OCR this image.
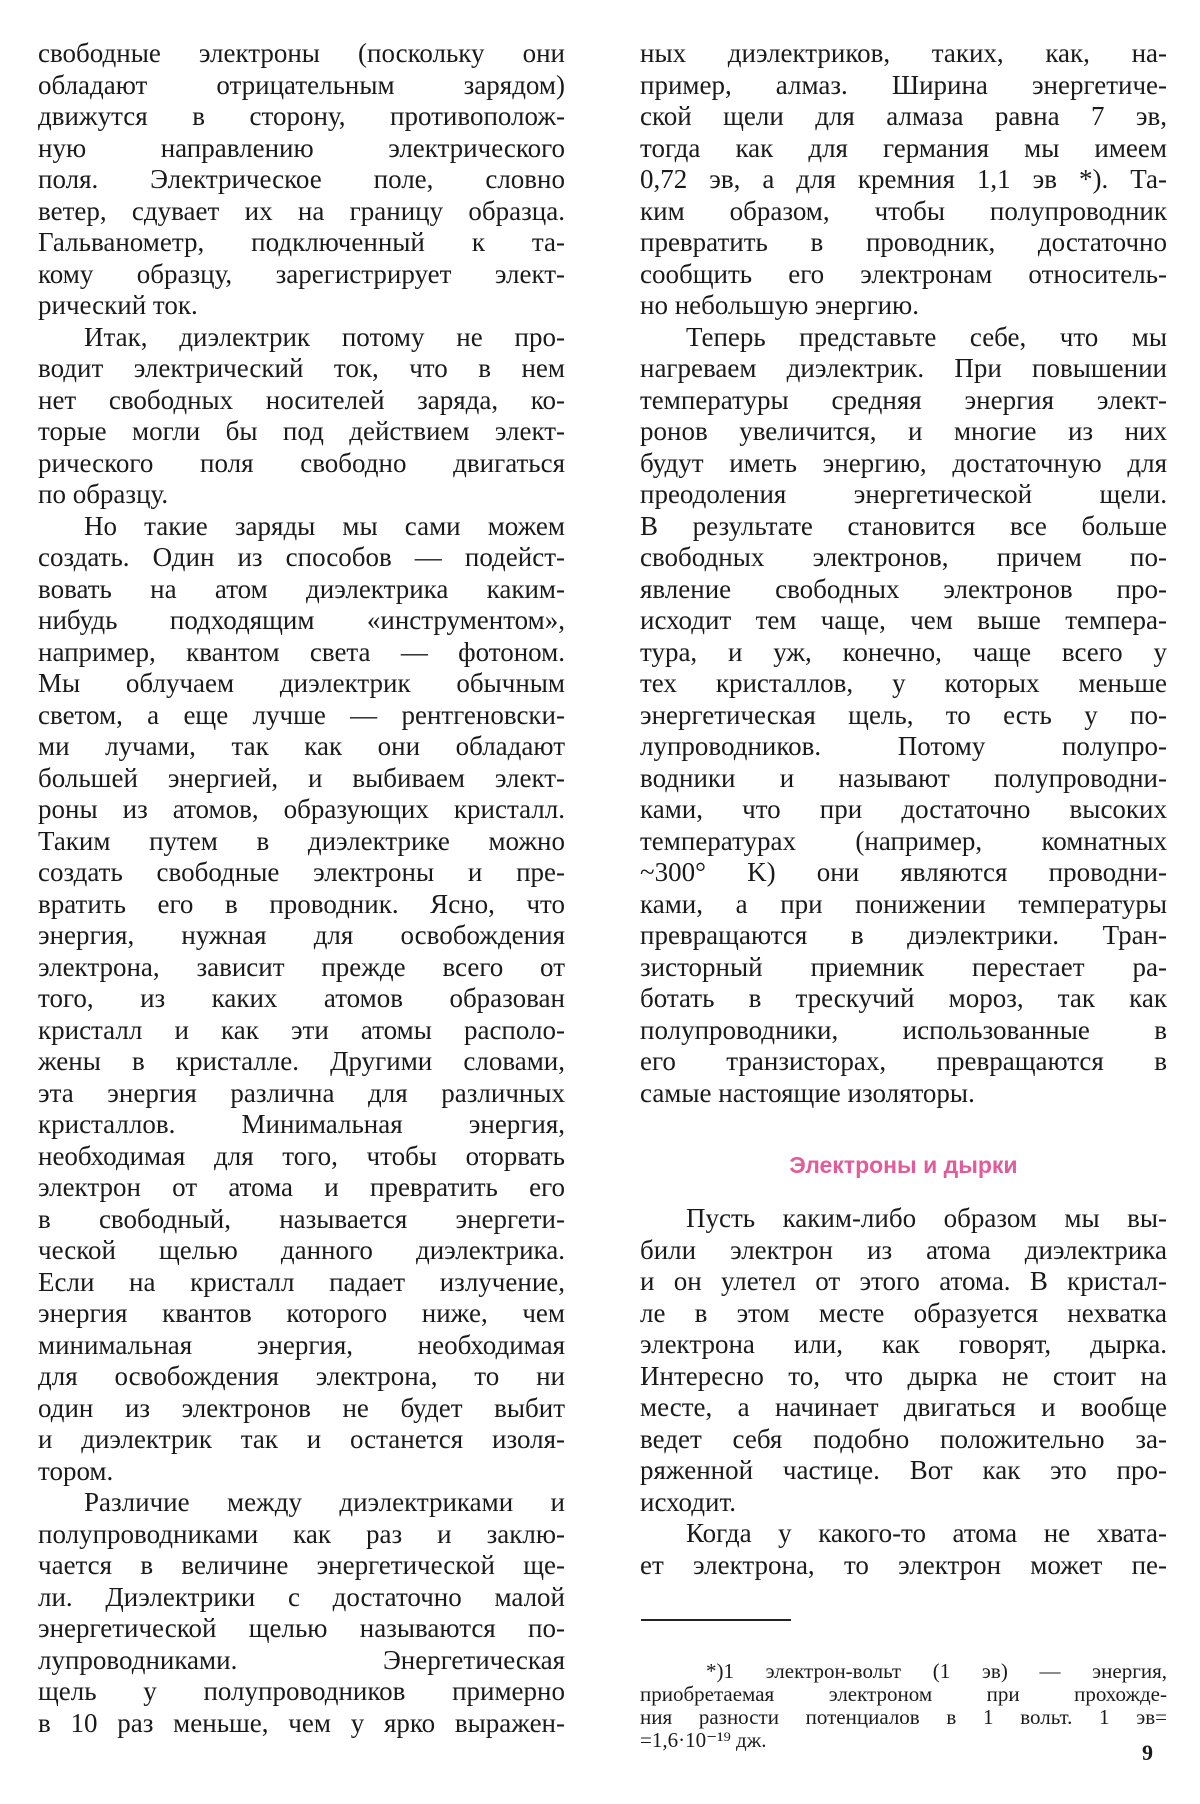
свободные электроны (поскольку они
обладают отрицательным зарядом)
движутся в сторону, противополож-
ную направлению электрического
поля. Электрическое поле, словно
ветер, сдувает их на границу образца.
Гальванометр, подключенный к та-
кому образцу, зарегистрирует элект-
рический ток.
Итак, диэлектрик потому не про-
водит электрический ток, что в нем
нет свободных носителей заряда, ко-
торые могли бы под действием элект-
рического поля свободно двигаться
по образцу.
Но такие заряды мы сами можем
создать. Один из способов — подейст-
вовать на атом диэлектрика каким-
нибудь подходящим «инструментом»,
например, квантом света — фотоном.
Мы облучаем диэлектрик обычным
светом, а еще лучше — рентгеновски-
ми лучами, так как они обладают
большей энергией, и выбиваем элект-
роны из атомов, образующих кристалл.
Таким путем в диэлектрике можно
создать свободные электроны и пре-
вратить его в проводник. Ясно, что
энергия, нужная для освобождения
электрона, зависит прежде всего от
того, из каких атомов образован
кристалл и как эти атомы располо-
жены в кристалле. Другими словами,
эта энергия различна для различных
кристаллов. Минимальная энергия,
необходимая для того, чтобы оторвать
электрон от атома и превратить его
в свободный, называется энергети-
ческой щелью данного диэлектрика.
Если на кристалл падает излучение,
энергия квантов которого ниже, чем
минимальная энергия, необходимая
для освобождения электрона, то ни
один из электронов не будет выбит
и диэлектрик так и останется изоля-
тором.
Различие между диэлектриками и
полупроводниками как раз и заклю-
чается в величине энергетической ще-
ли. Диэлектрики с достаточно малой
энергетической щелью называются по-
лупроводниками. Энергетическая
щель у полупроводников примерно
в 10 раз меньше, чем у ярко выражен-
ных диэлектриков, таких, как, на-
пример, алмаз. Ширина энергетиче-
ской щели для алмаза равна 7 эв,
тогда как для германия мы имеем
0,72 эв, а для кремния 1,1 эв *). Та-
ким образом, чтобы полупроводник
превратить в проводник, достаточно
сообщить его электронам относитель-
но небольшую энергию.
Теперь представьте себе, что мы
нагреваем диэлектрик. При повышении
температуры средняя энергия элект-
ронов увеличится, и многие из них
будут иметь энергию, достаточную для
преодоления энергетической щели.
В результате становится все больше
свободных электронов, причем по-
явление свободных электронов про-
исходит тем чаще, чем выше темпера-
тура, и уж, конечно, чаще всего у
тех кристаллов, у которых меньше
энергетическая щель, то есть у по-
лупроводников. Потому полупро-
водники и называют полупроводни-
ками, что при достаточно высоких
температурах (например, комнатных
~300° K) они являются проводни-
ками, а при понижении температуры
превращаются в диэлектрики. Тран-
зисторный приемник перестает ра-
ботать в трескучий мороз, так как
полупроводники, использованные в
его транзисторах, превращаются в
самые настоящие изоляторы.
Электроны и дырки
Пусть каким-либо образом мы вы-
били электрон из атома диэлектрика
и он улетел от этого атома. В кристал-
ле в этом месте образуется нехватка
электрона или, как говорят, дырка.
Интересно то, что дырка не стоит на
месте, а начинает двигаться и вообще
ведет себя подобно положительно за-
ряженной частице. Вот как это про-
исходит.
Когда у какого-то атома не хвата-
ет электрона, то электрон может пе-
*)1 электрон-вольт (1 эв) — энергия,
приобретаемая электроном при прохожде-
ния разности потенциалов в 1 вольт. 1 эв=
=1,6·10⁻¹⁹ дж.	9
